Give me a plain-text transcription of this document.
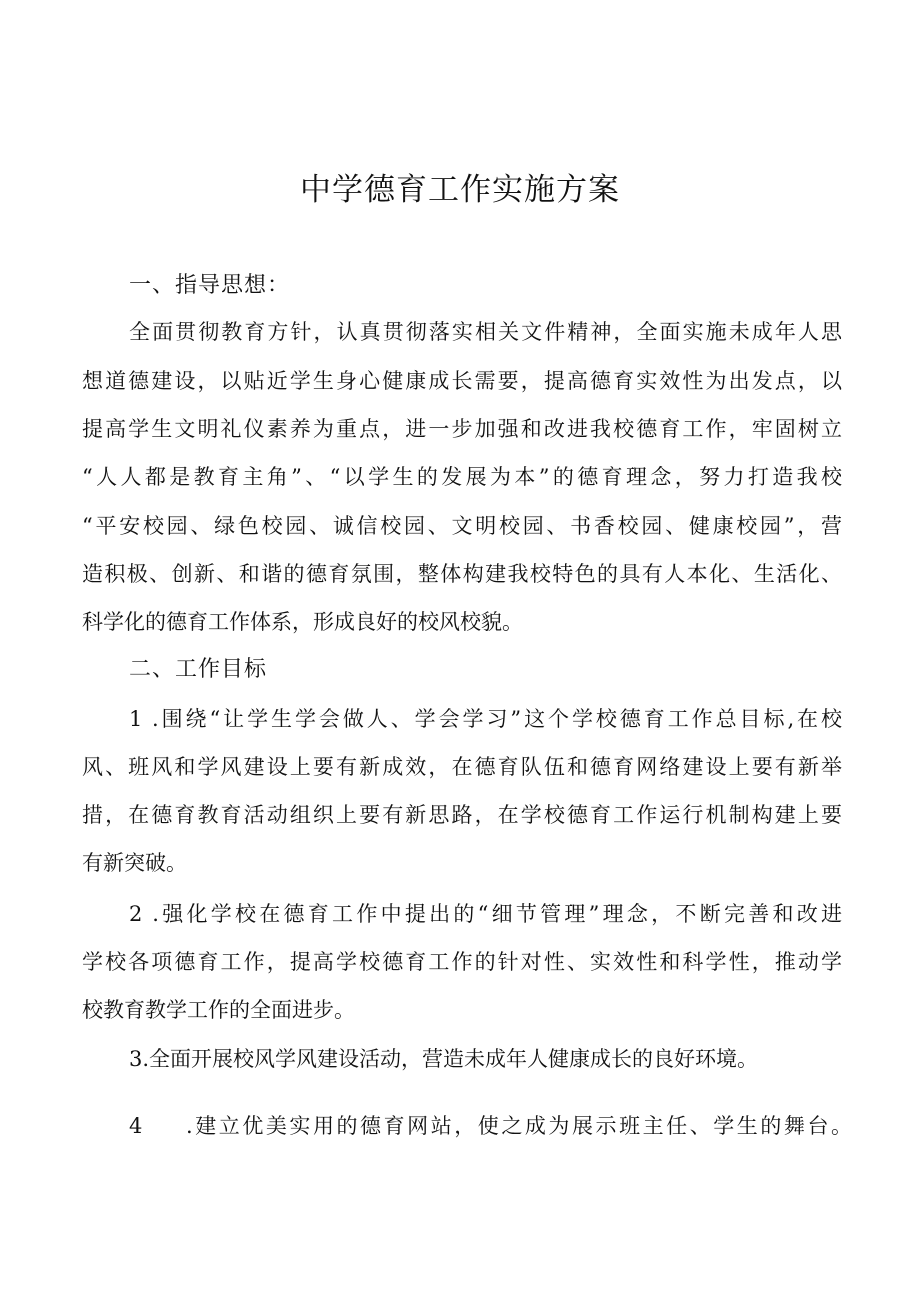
中学德育工作实施方案
一、指导思想：
全面贯彻教育方针，认真贯彻落实相关文件精神，全面实施未成年人思
想道德建设，以贴近学生身心健康成长需要，提高德育实效性为出发点，以
提高学生文明礼仪素养为重点，进一步加强和改进我校德育工作，牢固树立
“人人都是教育主角”、“以学生的发展为本”的德育理念，努力打造我校
“平安校园、绿色校园、诚信校园、文明校园、书香校园、健康校园”，营
造积极、创新、和谐的德育氛围，整体构建我校特色的具有人本化、生活化、
科学化的德育工作体系，形成良好的校风校貌。
二、工作目标
1 .围绕“让学生学会做人、学会学习”这个学校德育工作总目标,在校
风、班风和学风建设上要有新成效，在德育队伍和德育网络建设上要有新举
措，在德育教育活动组织上要有新思路，在学校德育工作运行机制构建上要
有新突破。
2 .强化学校在德育工作中提出的“细节管理”理念，不断完善和改进
学校各项德育工作，提高学校德育工作的针对性、实效性和科学性，推动学
校教育教学工作的全面进步。
3.全面开展校风学风建设活动，营造未成年人健康成长的良好环境。
4 .建立优美实用的德育网站，使之成为展示班主任、学生的舞台。
